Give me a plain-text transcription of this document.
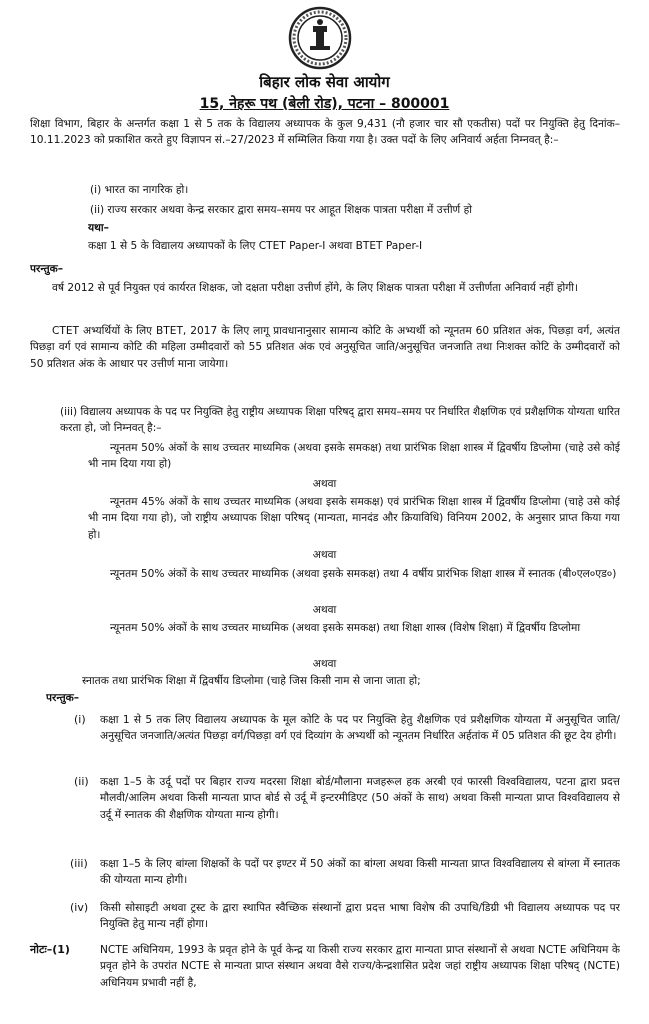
बिहार लोक सेवा आयोग
15, नेहरू पथ (बेली रोड), पटना – 800001
शिक्षा विभाग, बिहार के अन्तर्गत कक्षा 1 से 5 तक के विद्यालय अध्यापक के कुल 9,431 (नौ हजार चार सौ एकतीस) पदों पर नियुक्ति हेतु दिनांक–10.11.2023 को प्रकाशित करते हुए विज्ञापन सं.–27/2023 में सम्मिलित किया गया है। उक्त पदों के लिए अनिवार्य अर्हता निम्नवत् है:–
(i) भारत का नागरिक हो।
(ii) राज्य सरकार अथवा केन्द्र सरकार द्वारा समय–समय पर आहूत शिक्षक पात्रता परीक्षा में उत्तीर्ण हो
यथा–
कक्षा 1 से 5 के विद्यालय अध्यापकों के लिए CTET Paper-I अथवा BTET Paper-I
परन्तुक–
वर्ष 2012 से पूर्व नियुक्त एवं कार्यरत शिक्षक, जो दक्षता परीक्षा उत्तीर्ण होंगे, के लिए शिक्षक पात्रता परीक्षा में उत्तीर्णता अनिवार्य नहीं होगी।
CTET अभ्यर्थियों के लिए BTET, 2017 के लिए लागू प्रावधानानुसार सामान्य कोटि के अभ्यर्थी को न्यूनतम 60 प्रतिशत अंक, पिछड़ा वर्ग, अत्यंत पिछड़ा वर्ग एवं सामान्य कोटि की महिला उम्मीदवारों को 55 प्रतिशत अंक एवं अनुसूचित जाति/अनुसूचित जनजाति तथा निःशक्त कोटि के उम्मीदवारों को 50 प्रतिशत अंक के आधार पर उत्तीर्ण माना जायेगा।
(iii) विद्यालय अध्यापक के पद पर नियुक्ति हेतु राष्ट्रीय अध्यापक शिक्षा परिषद् द्वारा समय–समय पर निर्धारित शैक्षणिक एवं प्रशैक्षणिक योग्यता धारित करता हो, जो निम्नवत् है:–
न्यूनतम 50% अंकों के साथ उच्चतर माध्यमिक (अथवा इसके समकक्ष) तथा प्रारंभिक शिक्षा शास्त्र में द्विवर्षीय डिप्लोमा (चाहे उसे कोई भी नाम दिया गया हो)
अथवा
न्यूनतम 45% अंकों के साथ उच्चतर माध्यमिक (अथवा इसके समकक्ष) एवं प्रारंभिक शिक्षा शास्त्र में द्विवर्षीय डिप्लोमा (चाहे उसे कोई भी नाम दिया गया हो), जो राष्ट्रीय अध्यापक शिक्षा परिषद् (मान्यता, मानदंड और क्रियाविधि) विनियम 2002, के अनुसार प्राप्त किया गया हो।
अथवा
न्यूनतम 50% अंकों के साथ उच्चतर माध्यमिक (अथवा इसके समकक्ष) तथा 4 वर्षीय प्रारंभिक शिक्षा शास्त्र में स्नातक (बी०एल०एड०)
अथवा
न्यूनतम 50% अंकों के साथ उच्चतर माध्यमिक (अथवा इसके समकक्ष) तथा शिक्षा शास्त्र (विशेष शिक्षा) में द्विवर्षीय डिप्लोमा
अथवा
स्नातक तथा प्रारंभिक शिक्षा में द्विवर्षीय डिप्लोमा (चाहे जिस किसी नाम से जाना जाता हो;
परन्तुक–
(i) कक्षा 1 से 5 तक लिए विद्यालय अध्यापक के मूल कोटि के पद पर नियुक्ति हेतु शैक्षणिक एवं प्रशैक्षणिक योग्यता में अनुसूचित जाति/अनुसूचित जनजाति/अत्यंत पिछड़ा वर्ग/पिछड़ा वर्ग एवं दिव्यांग के अभ्यर्थी को न्यूनतम निर्धारित अर्हतांक में 05 प्रतिशत की छूट देय होगी।
(ii) कक्षा 1–5 के उर्दू पदों पर बिहार राज्य मदरसा शिक्षा बोर्ड/मौलाना मजहरूल हक अरबी एवं फारसी विश्वविद्यालय, पटना द्वारा प्रदत्त मौलवी/आलिम अथवा किसी मान्यता प्राप्त बोर्ड से उर्दू में इन्टरमीडिएट (50 अंकों के साथ) अथवा किसी मान्यता प्राप्त विश्वविद्यालय से उर्दू में स्नातक की शैक्षणिक योग्यता मान्य होगी।
(iii) कक्षा 1–5 के लिए बांग्ला शिक्षकों के पदों पर इण्टर में 50 अंकों का बांग्ला अथवा किसी मान्यता प्राप्त विश्वविद्यालय से बांग्ला में स्नातक की योग्यता मान्य होगी।
(iv) किसी सोसाइटी अथवा ट्रस्ट के द्वारा स्थापित स्वैच्छिक संस्थानों द्वारा प्रदत्त भाषा विशेष की उपाधि/डिग्री भी विद्यालय अध्यापक पद पर नियुक्ति हेतु मान्य नहीं होगा।
नोटः–(1)	NCTE अधिनियम, 1993 के प्रवृत होने के पूर्व केन्द्र या किसी राज्य सरकार द्वारा मान्यता प्राप्त संस्थानों से अथवा NCTE अधिनियम के प्रवृत होने के उपरांत NCTE से मान्यता प्राप्त संस्थान अथवा वैसे राज्य/केन्द्रशासित प्रदेश जहां राष्ट्रीय अध्यापक शिक्षा परिषद् (NCTE) अधिनियम प्रभावी नहीं है,
